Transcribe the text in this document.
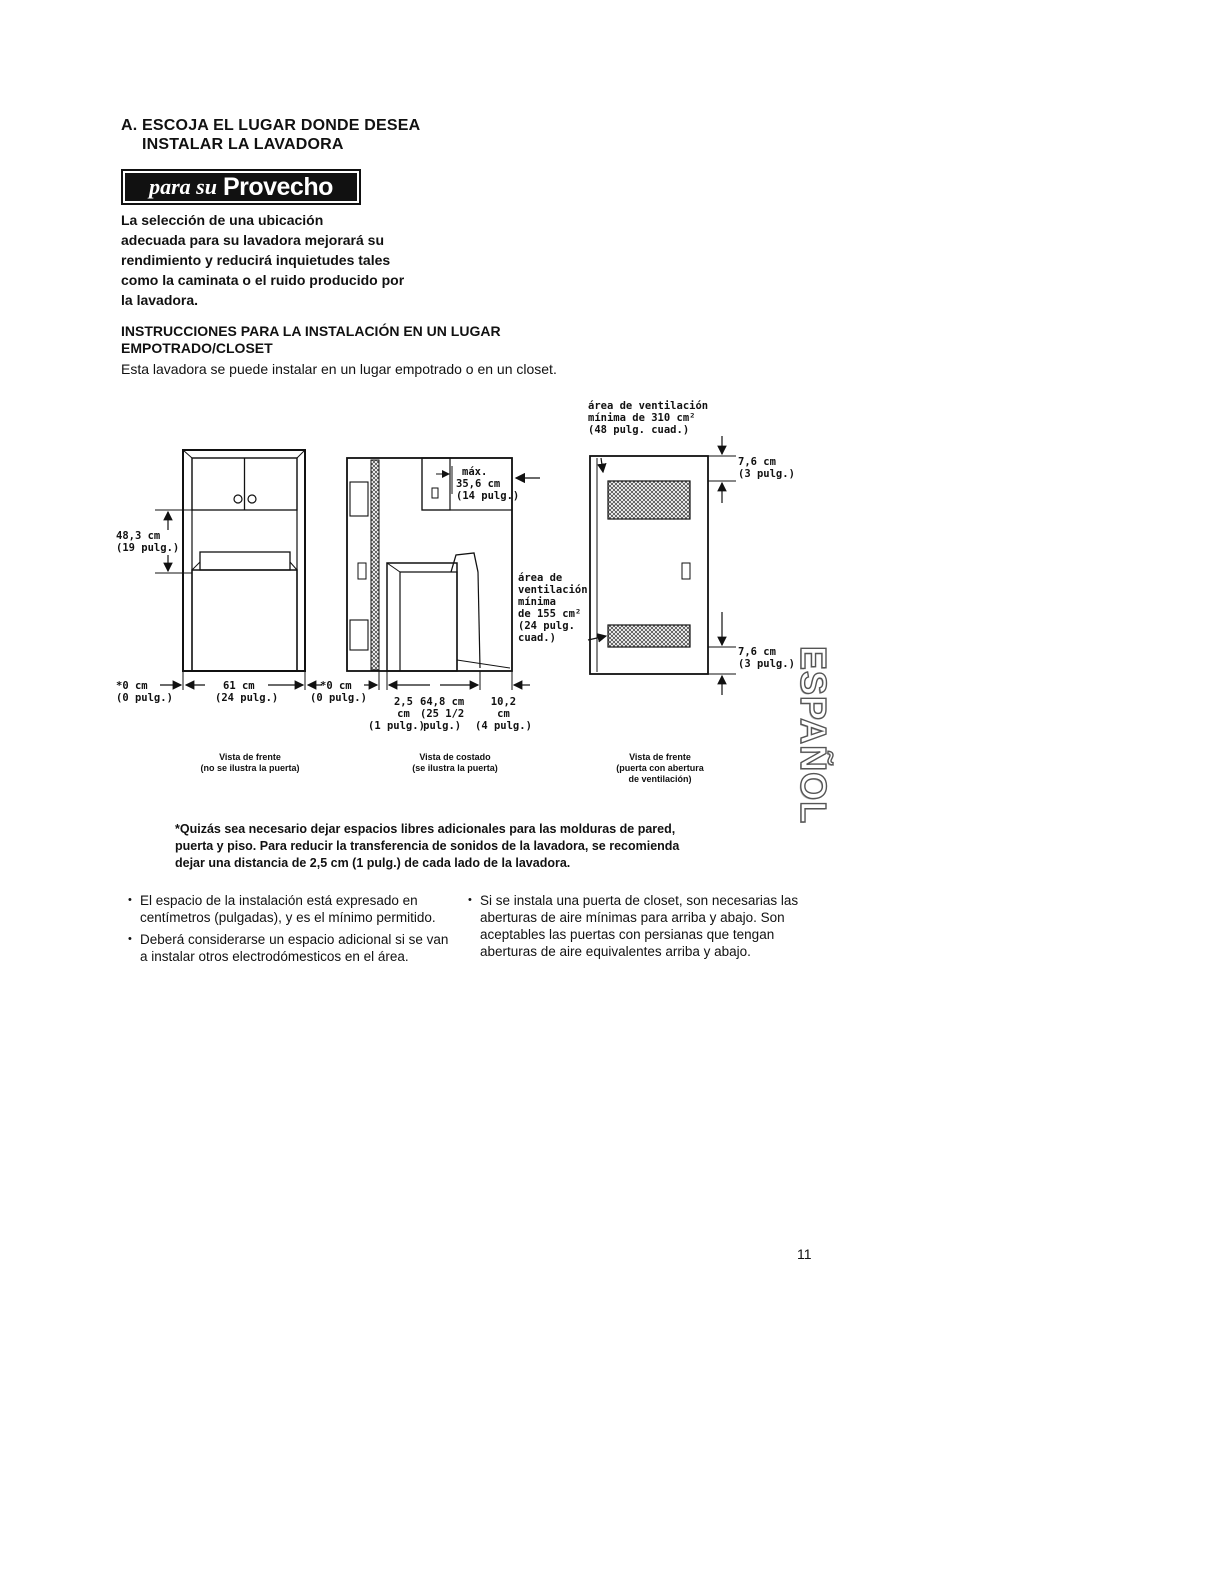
A. ESCOJA EL LUGAR DONDE DESEA
INSTALAR LA LAVADORA
para su Provecho
La selección de una ubicación
adecuada para su lavadora mejorará su
rendimiento y reducirá inquietudes tales
como la caminata o el ruido producido por
la lavadora.
INSTRUCCIONES PARA LA INSTALACIÓN EN UN LUGAR
EMPOTRADO/CLOSET
Esta lavadora se puede instalar en un lugar empotrado o en un closet.
48,3 cm
(19 pulg.)
*0 cm
(0 pulg.)
61 cm
(24 pulg.)
*0 cm
(0 pulg.)
Vista de frente
(no se ilustra la puerta)
máx.
35,6 cm
(14 pulg.)
área de
ventilación
mínima
de 155 cm²
(24 pulg.
cuad.)
2,5
cm
(1 pulg.)
64,8 cm
(25 1/2
pulg.)
10,2
cm
(4 pulg.)
Vista de costado
(se ilustra la puerta)
área de ventilación
mínima de 310 cm²
(48 pulg. cuad.)
7,6 cm
(3 pulg.)
7,6 cm
(3 pulg.)
Vista de frente
(puerta con abertura
de ventilación)
*Quizás sea necesario dejar espacios libres adicionales para las molduras de pared,
puerta y piso. Para reducir la transferencia de sonidos de la lavadora, se recomienda
dejar una distancia de 2,5 cm (1 pulg.) de cada lado de la lavadora.
• El espacio de la instalación está expresado en centímetros (pulgadas), y es el mínimo permitido.
• Deberá considerarse un espacio adicional si se van a instalar otros electrodómesticos en el área.
• Si se instala una puerta de closet, son necesarias las aberturas de aire mínimas para arriba y abajo. Son aceptables las puertas con persianas que tengan aberturas de aire equivalentes arriba y abajo.
ESPAÑOL
11
